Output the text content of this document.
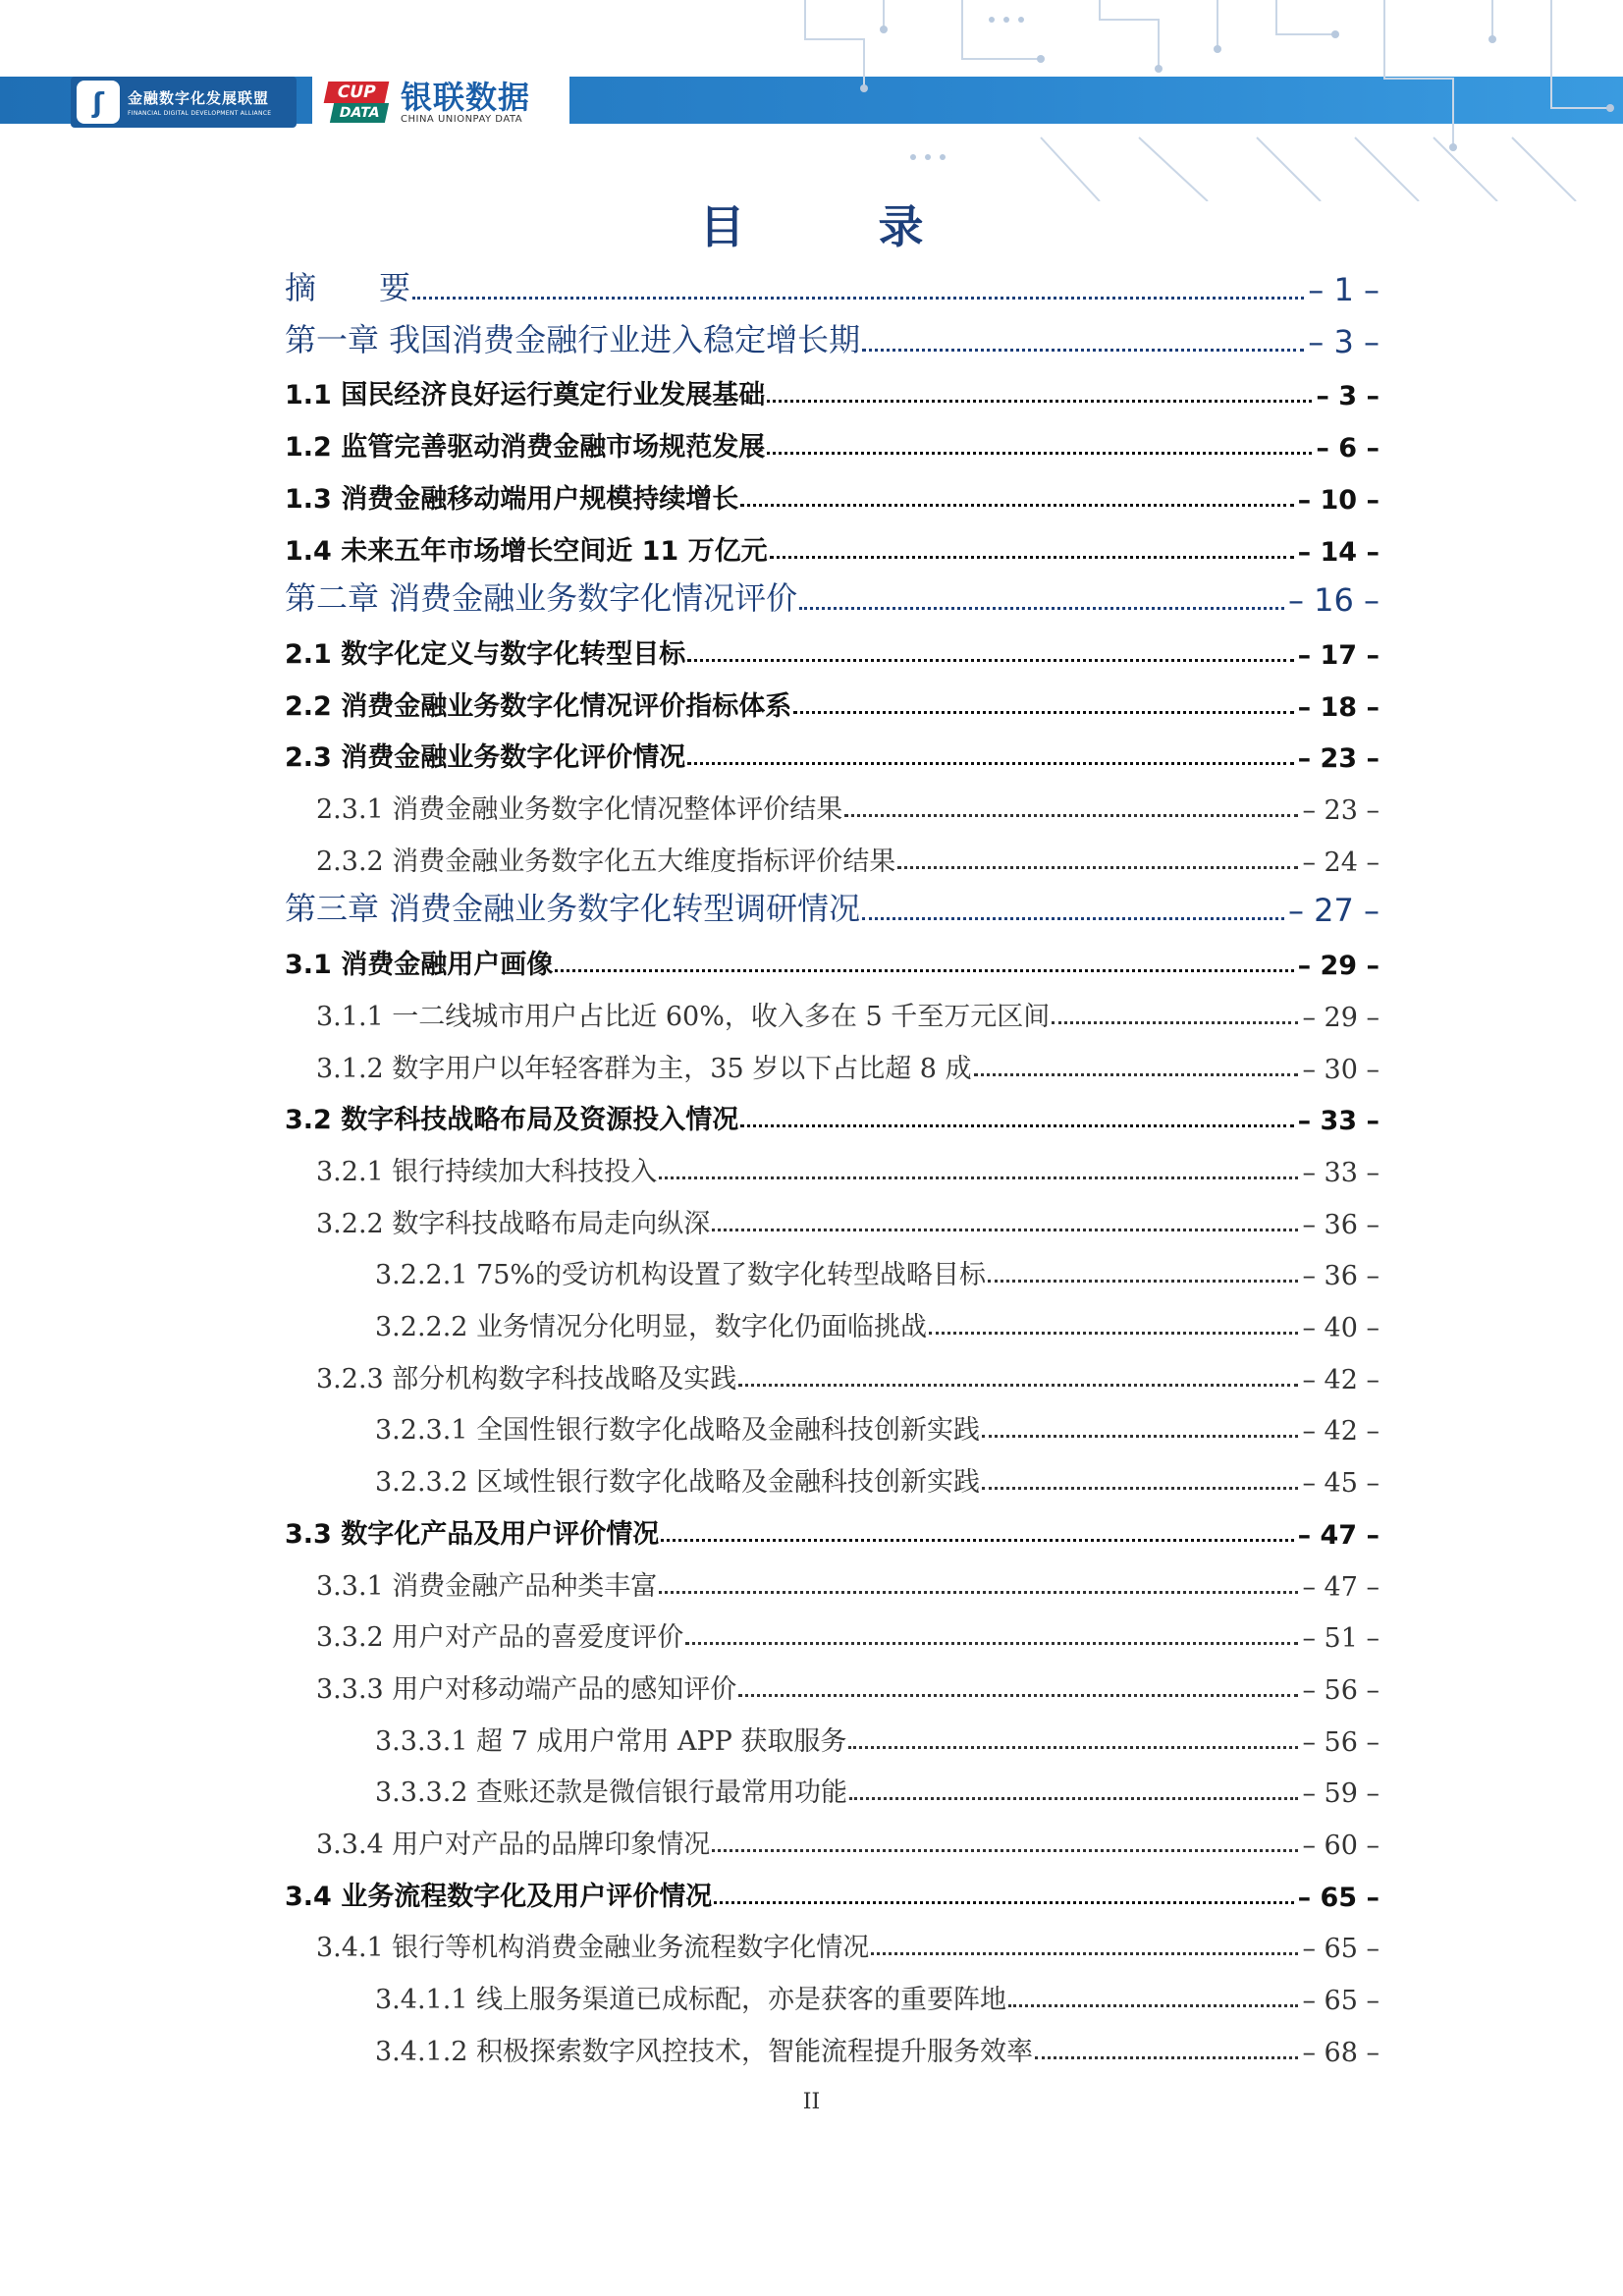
ʃ	金融数字化发展联盟
FINANCIAL DIGITAL DEVELOPMENT ALLIANCE
CUP
DATA 银联数据
CHINA UNIONPAY DATA
目 录
摘　　要	– 1 –
第一章 我国消费金融行业进入稳定增长期	– 3 –
1.1 国民经济良好运行奠定行业发展基础	– 3 –
1.2 监管完善驱动消费金融市场规范发展	– 6 –
1.3 消费金融移动端用户规模持续增长	– 10 –
1.4 未来五年市场增长空间近 11 万亿元	– 14 –
第二章 消费金融业务数字化情况评价	– 16 –
2.1 数字化定义与数字化转型目标	– 17 –
2.2 消费金融业务数字化情况评价指标体系	– 18 –
2.3 消费金融业务数字化评价情况	– 23 –
2.3.1 消费金融业务数字化情况整体评价结果	– 23 –
2.3.2 消费金融业务数字化五大维度指标评价结果	– 24 –
第三章 消费金融业务数字化转型调研情况	– 27 –
3.1 消费金融用户画像	– 29 –
3.1.1 一二线城市用户占比近 60%，收入多在 5 千至万元区间	– 29 –
3.1.2 数字用户以年轻客群为主，35 岁以下占比超 8 成	– 30 –
3.2 数字科技战略布局及资源投入情况	– 33 –
3.2.1 银行持续加大科技投入	– 33 –
3.2.2 数字科技战略布局走向纵深	– 36 –
3.2.2.1 75%的受访机构设置了数字化转型战略目标	– 36 –
3.2.2.2 业务情况分化明显，数字化仍面临挑战	– 40 –
3.2.3 部分机构数字科技战略及实践	– 42 –
3.2.3.1 全国性银行数字化战略及金融科技创新实践	– 42 –
3.2.3.2 区域性银行数字化战略及金融科技创新实践	– 45 –
3.3 数字化产品及用户评价情况	– 47 –
3.3.1 消费金融产品种类丰富	– 47 –
3.3.2 用户对产品的喜爱度评价	– 51 –
3.3.3 用户对移动端产品的感知评价	– 56 –
3.3.3.1 超 7 成用户常用 APP 获取服务	– 56 –
3.3.3.2 查账还款是微信银行最常用功能	– 59 –
3.3.4 用户对产品的品牌印象情况	– 60 –
3.4 业务流程数字化及用户评价情况	– 65 –
3.4.1 银行等机构消费金融业务流程数字化情况	– 65 –
3.4.1.1 线上服务渠道已成标配，亦是获客的重要阵地	– 65 –
3.4.1.2 积极探索数字风控技术，智能流程提升服务效率	– 68 –
II
